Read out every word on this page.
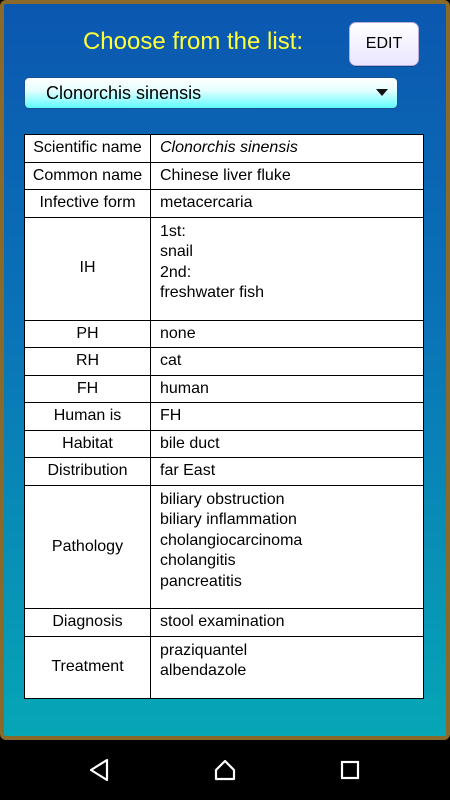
Choose from the list:	EDIT
Clonorchis sinensis
Scientific name	Clonorchis sinensis

Common name	Chinese liver fluke

Infective form	metacercaria

IH	1st:
snail
2nd:
freshwater fish

PH	none

RH	cat

FH	human

Human is	FH

Habitat	bile duct

Distribution	far East

Pathology	biliary obstruction
biliary inflammation
cholangiocarcinoma
cholangitis
pancreatitis

Diagnosis	stool examination

Treatment	praziquantel
albendazole
